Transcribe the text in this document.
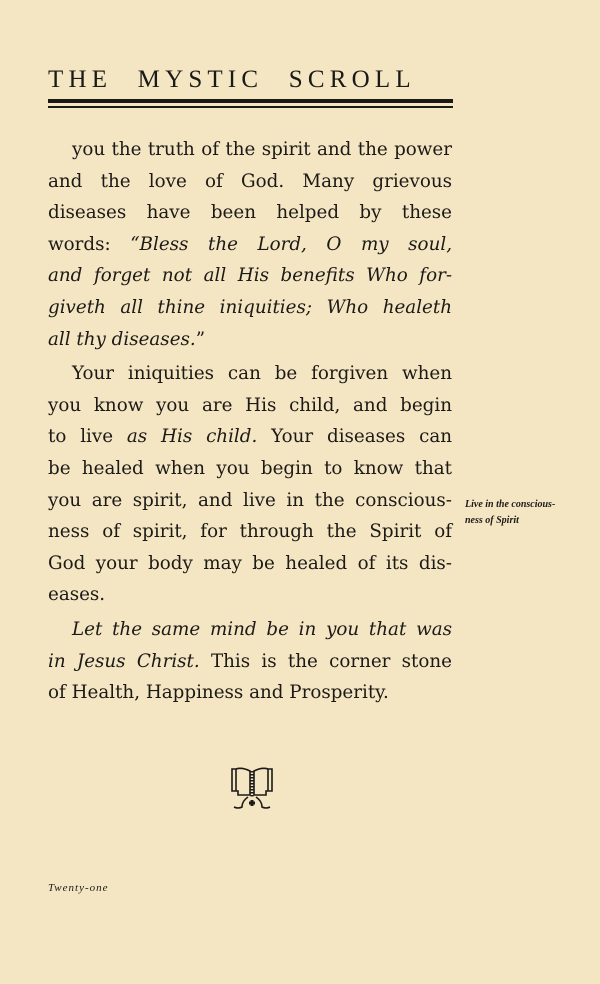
THE MYSTIC SCROLL
you the truth of the spirit and the power
and the love of God. Many grievous
diseases have been helped by these
words: “Bless the Lord, O my soul,
and forget not all His benefits Who for-
giveth all thine iniquities; Who healeth
all thy diseases.”
Your iniquities can be forgiven when
you know you are His child, and begin
to live as His child. Your diseases can
be healed when you begin to know that
you are spirit, and live in the conscious-
ness of spirit, for through the Spirit of
God your body may be healed of its dis-
eases.
Let the same mind be in you that was
in Jesus Christ. This is the corner stone
of Health, Happiness and Prosperity.
Live in the conscious-
ness of Spirit
Twenty-one
